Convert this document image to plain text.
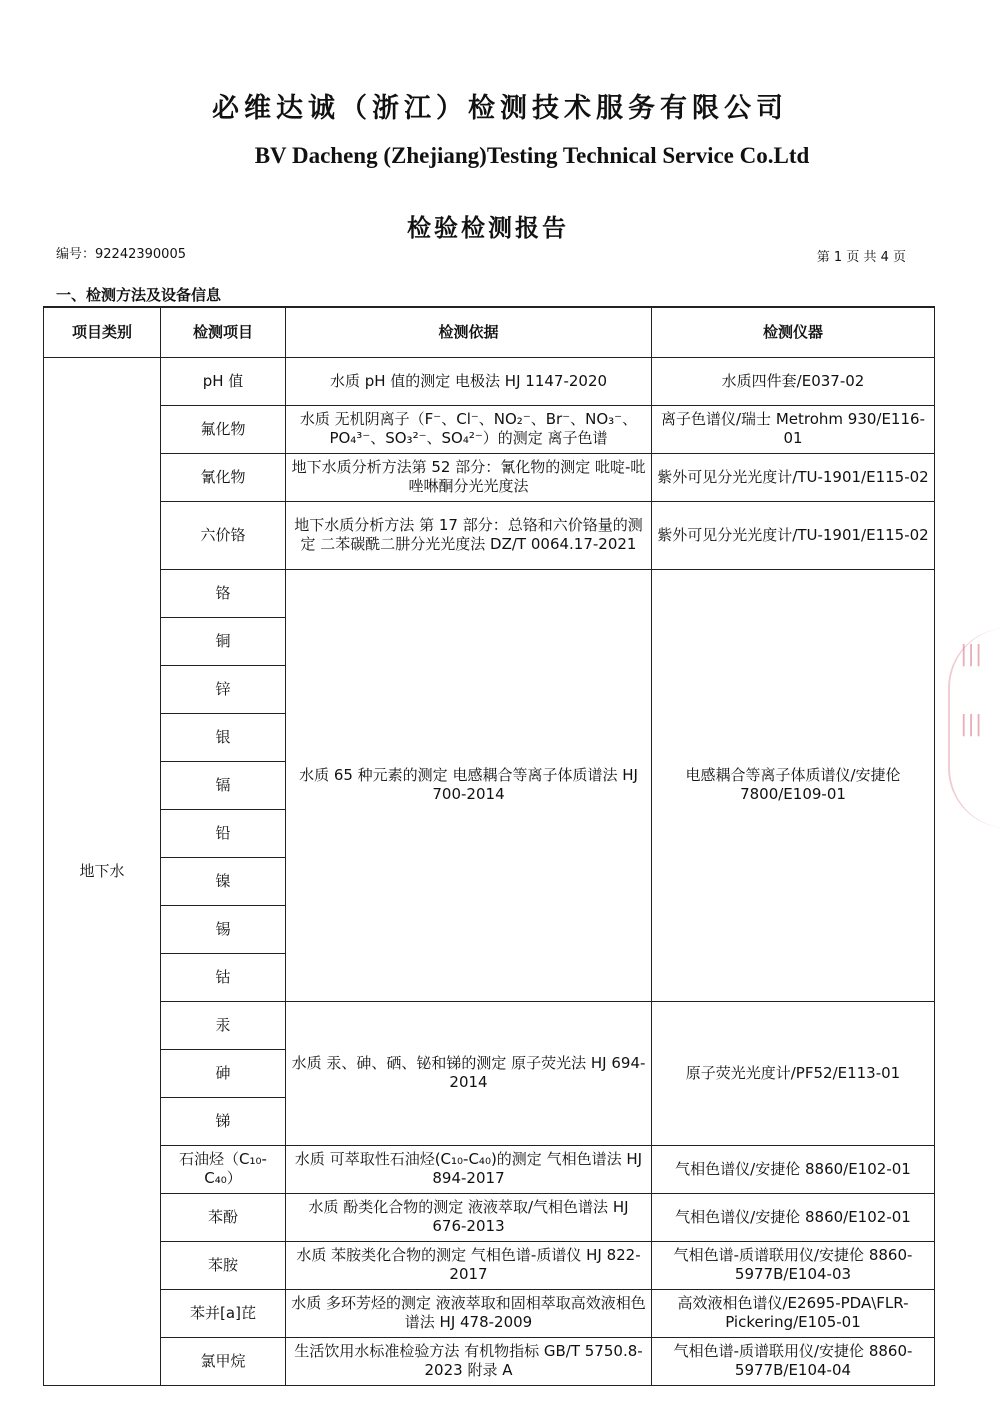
必维达诚（浙江）检测技术服务有限公司
BV Dacheng (Zhejiang)Testing Technical Service Co.Ltd
检验检测报告
编号：92242390005	第 1 页 共 4 页
一、检测方法及设备信息
项目类别	检测项目	检测依据	检测仪器
地下水	pH 值	水质 pH 值的测定 电极法 HJ 1147-2020	水质四件套/E037-02
	氟化物	水质 无机阴离子（F⁻、Cl⁻、NO₂⁻、Br⁻、NO₃⁻、PO₄³⁻、SO₃²⁻、SO₄²⁻）的测定 离子色谱	离子色谱仪/瑞士 Metrohm 930/E116-01
	氰化物	地下水质分析方法第 52 部分：氰化物的测定 吡啶-吡唑啉酮分光光度法	紫外可见分光光度计/TU-1901/E115-02
	六价铬	地下水质分析方法 第 17 部分：总铬和六价铬量的测定 二苯碳酰二肼分光光度法 DZ/T 0064.17-2021	紫外可见分光光度计/TU-1901/E115-02
	铬	水质 65 种元素的测定 电感耦合等离子体质谱法 HJ 700-2014	电感耦合等离子体质谱仪/安捷伦 7800/E109-01
	铜		
	锌		
	银		
	镉		
	铅		
	镍		
	锡		
	钴		
	汞	水质 汞、砷、硒、铋和锑的测定 原子荧光法 HJ 694-2014	原子荧光光度计/PF52/E113-01
	砷		
	锑		
	石油烃（C₁₀-C₄₀）	水质 可萃取性石油烃(C₁₀-C₄₀)的测定 气相色谱法 HJ 894-2017	气相色谱仪/安捷伦 8860/E102-01
	苯酚	水质 酚类化合物的测定 液液萃取/气相色谱法 HJ 676-2013	气相色谱仪/安捷伦 8860/E102-01
	苯胺	水质 苯胺类化合物的测定 气相色谱-质谱仪 HJ 822-2017	气相色谱-质谱联用仪/安捷伦 8860-5977B/E104-03
	苯并[a]芘	水质 多环芳烃的测定 液液萃取和固相萃取高效液相色谱法 HJ 478-2009	高效液相色谱仪/E2695-PDA\FLR-Pickering/E105-01
	氯甲烷	生活饮用水标准检验方法 有机物指标 GB/T 5750.8-2023 附录 A	气相色谱-质谱联用仪/安捷伦 8860-5977B/E104-04
|||
|||
